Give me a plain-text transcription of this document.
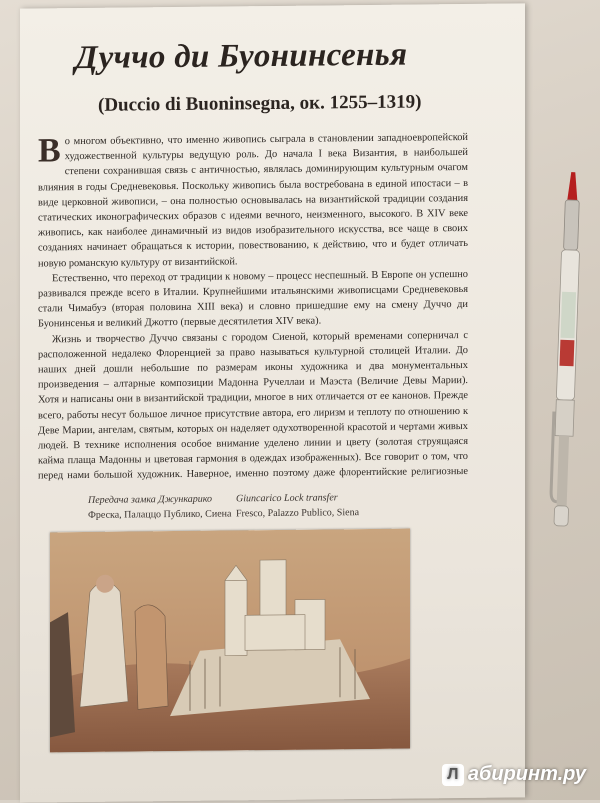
Дуччо ди Буонинсенья
(Duccio di Buoninsegna, ок. 1255–1319)

Во многом объективно, что именно живопись сыграла в становлении западноевропейской художественной культуры ведущую роль. До начала I века Византия, в наибольшей степени сохранившая связь с античностью, являлась доминирующим культурным очагом влияния в годы Средневековья. Поскольку живопись была востребована в единой ипостаси – в виде церковной живописи, – она полностью основывалась на византийской традиции создания статических иконографических образов с идеями вечного, неизменного, высокого. В XIV веке живопись, как наиболее динамичный из видов изобразительного искусства, все чаще в своих созданиях начинает обращаться к истории, повествованию, к действию, что и будет отличать новую романскую культуру от византийской.

Естественно, что переход от традиции к новому – процесс неспешный. В Европе он успешно развивался прежде всего в Италии. Крупнейшими итальянскими живописцами Средневековья стали Чимабуэ (вторая половина XIII века) и словно пришедшие ему на смену Дуччо ди Буонинсенья и великий Джотто (первые десятилетия XIV века).

Жизнь и творчество Дуччо связаны с городом Сиеной, который временами соперничал с расположенной недалеко Флоренцией за право называться культурной столицей Италии. До наших дней дошли небольшие по размерам иконы художника и два монументальных произведения – алтарные композиции Мадонна Ручеллаи и Маэста (Величие Девы Марии). Хотя и написаны они в византийской традиции, многое в них отличается от ее канонов. Прежде всего, работы несут большое личное присутствие автора, его лиризм и теплоту по отношению к Деве Марии, ангелам, святым, которых он наделяет одухотворенной красотой и чертами живых людей. В технике исполнения особое внимание уделено линии и цвету (золотая струящаяся кайма плаща Мадонны и цветовая гармония в одеждах изображенных). Все говорит о том, что перед нами большой художник. Наверное, именно поэтому даже флорентийские религиозные

Передача замка Джункарико
Фреска, Палаццо Публико, Сиена
Giuncarico Lock transfer
Fresco, Palazzo Publico, Siena
Л абиринт.ру
